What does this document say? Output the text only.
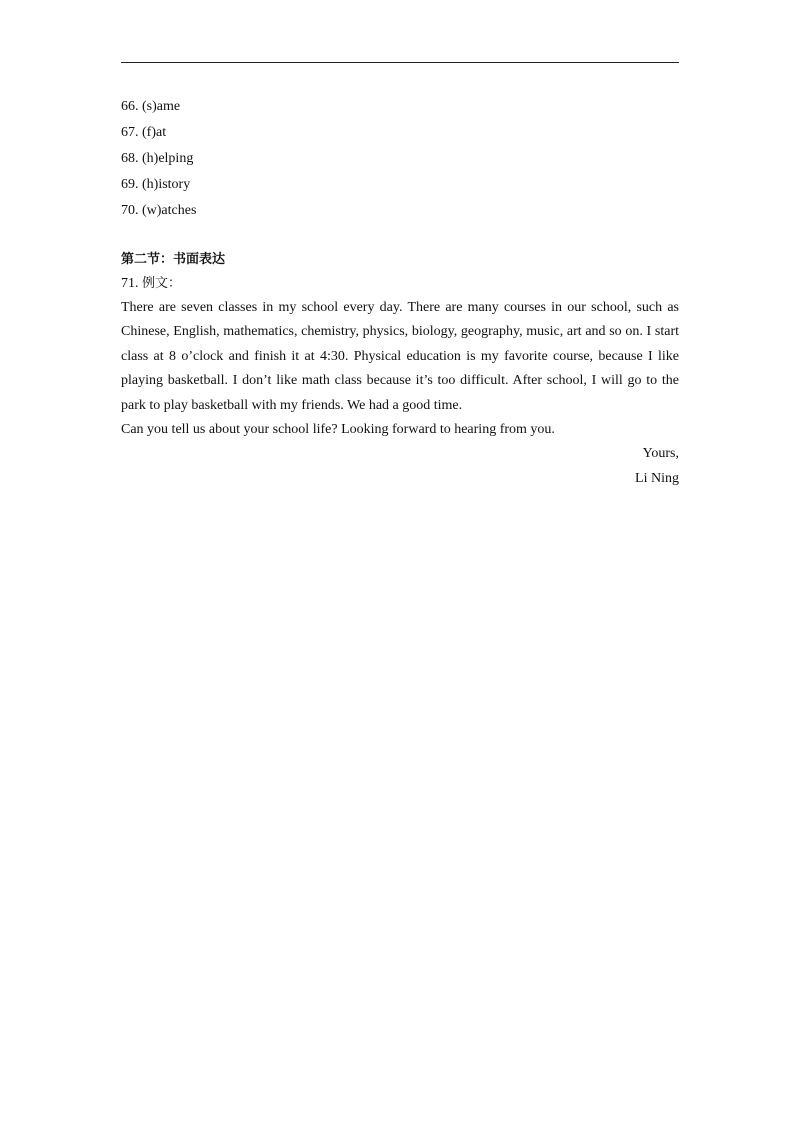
66. (s)ame
67. (f)at
68. (h)elping
69. (h)istory
70. (w)atches
第二节：书面表达
71. 例文：

There are seven classes in my school every day. There are many courses in our school, such as Chinese, English, mathematics, chemistry, physics, biology, geography, music, art and so on. I start class at 8 o’clock and finish it at 4:30. Physical education is my favorite course, because I like playing basketball. I don’t like math class because it’s too difficult. After school, I will go to the park to play basketball with my friends. We had a good time.

Can you tell us about your school life? Looking forward to hearing from you.

Yours,

Li Ning
